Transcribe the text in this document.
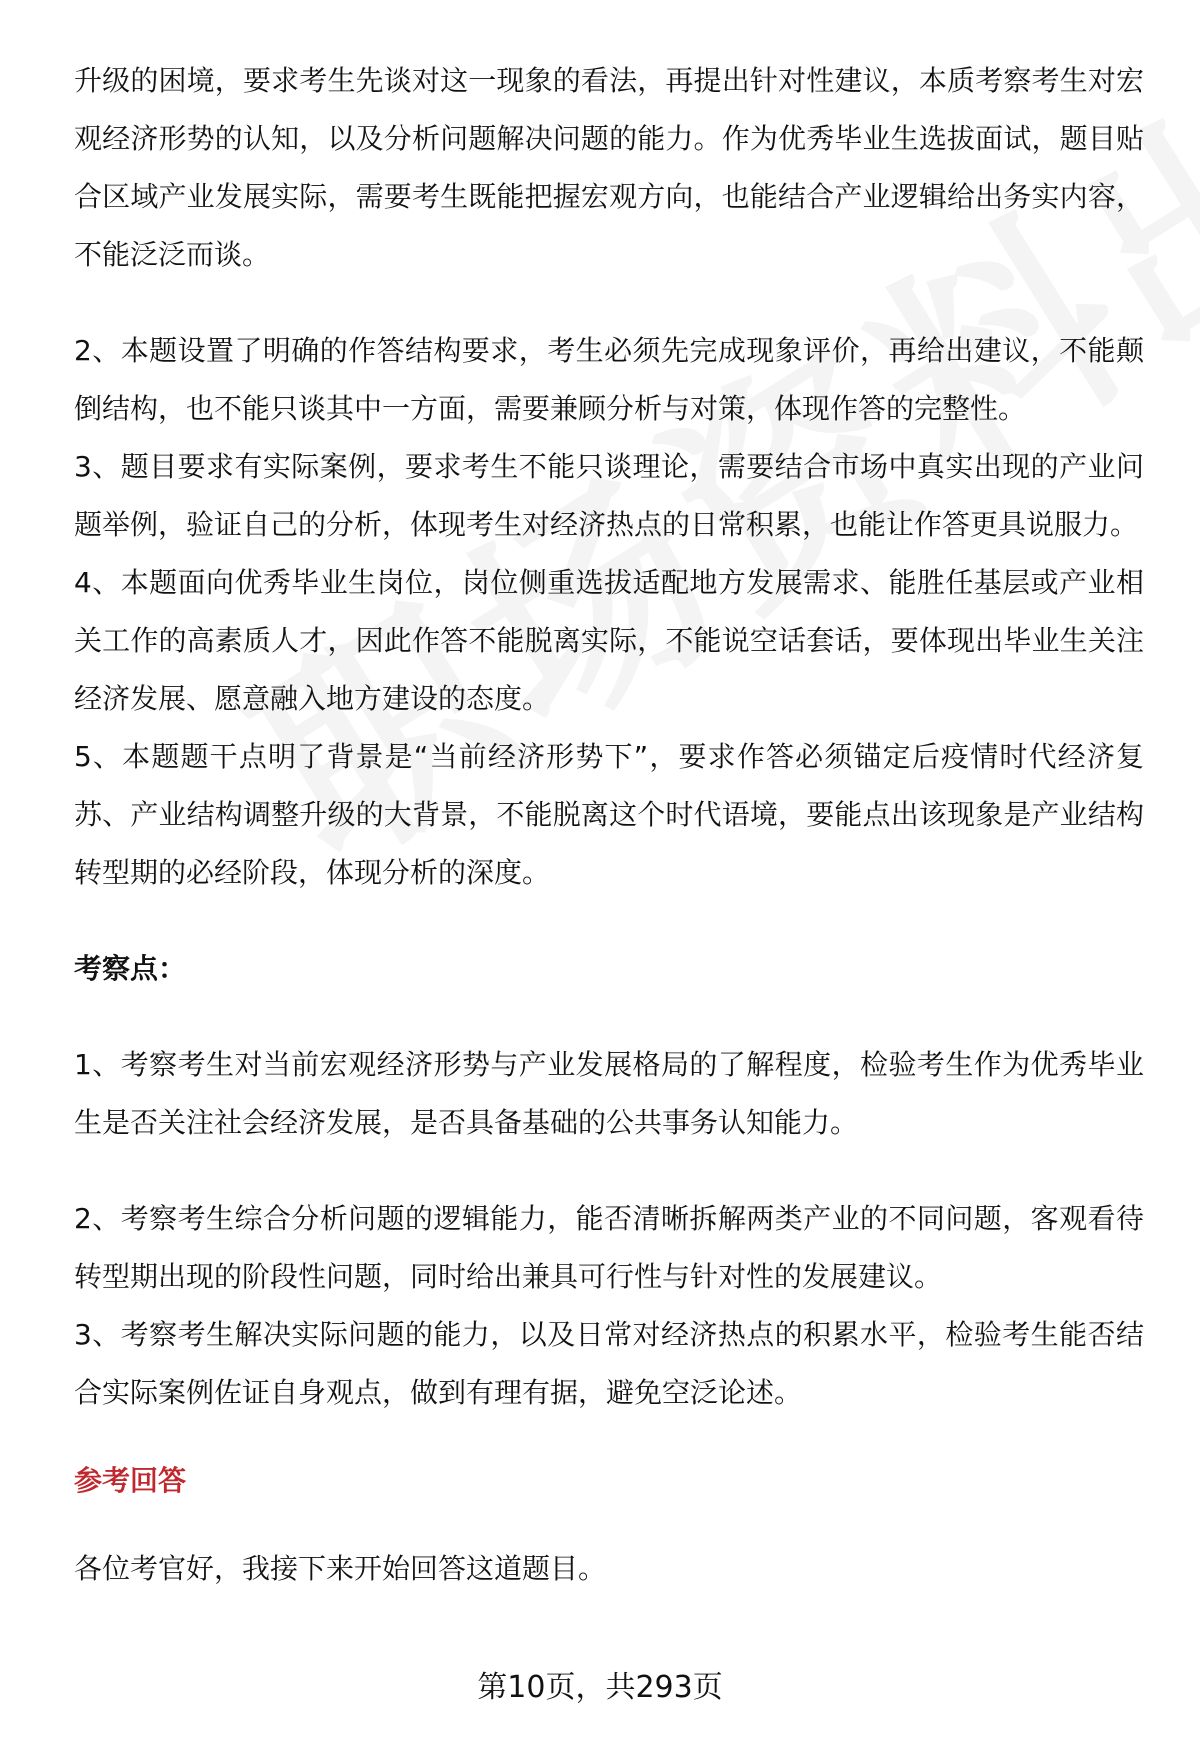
升级的困境，要求考生先谈对这一现象的看法，再提出针对性建议，本质考察考生对宏观经济形势的认知，以及分析问题解决问题的能力。作为优秀毕业生选拔面试，题目贴合区域产业发展实际，需要考生既能把握宏观方向，也能结合产业逻辑给出务实内容，不能泛泛而谈。

2、本题设置了明确的作答结构要求，考生必须先完成现象评价，再给出建议，不能颠倒结构，也不能只谈其中一方面，需要兼顾分析与对策，体现作答的完整性。

3、题目要求有实际案例，要求考生不能只谈理论，需要结合市场中真实出现的产业问题举例，验证自己的分析，体现考生对经济热点的日常积累，也能让作答更具说服力。

4、本题面向优秀毕业生岗位，岗位侧重选拔适配地方发展需求、能胜任基层或产业相关工作的高素质人才，因此作答不能脱离实际，不能说空话套话，要体现出毕业生关注经济发展、愿意融入地方建设的态度。

5、本题题干点明了背景是“当前经济形势下”，要求作答必须锚定后疫情时代经济复苏、产业结构调整升级的大背景，不能脱离这个时代语境，要能点出该现象是产业结构转型期的必经阶段，体现分析的深度。

考察点：

1、考察考生对当前宏观经济形势与产业发展格局的了解程度，检验考生作为优秀毕业生是否关注社会经济发展，是否具备基础的公共事务认知能力。

2、考察考生综合分析问题的逻辑能力，能否清晰拆解两类产业的不同问题，客观看待转型期出现的阶段性问题，同时给出兼具可行性与针对性的发展建议。

3、考察考生解决实际问题的能力，以及日常对经济热点的积累水平，检验考生能否结合实际案例佐证自身观点，做到有理有据，避免空泛论述。

参考回答

各位考官好，我接下来开始回答这道题目。

第10页，共293页
